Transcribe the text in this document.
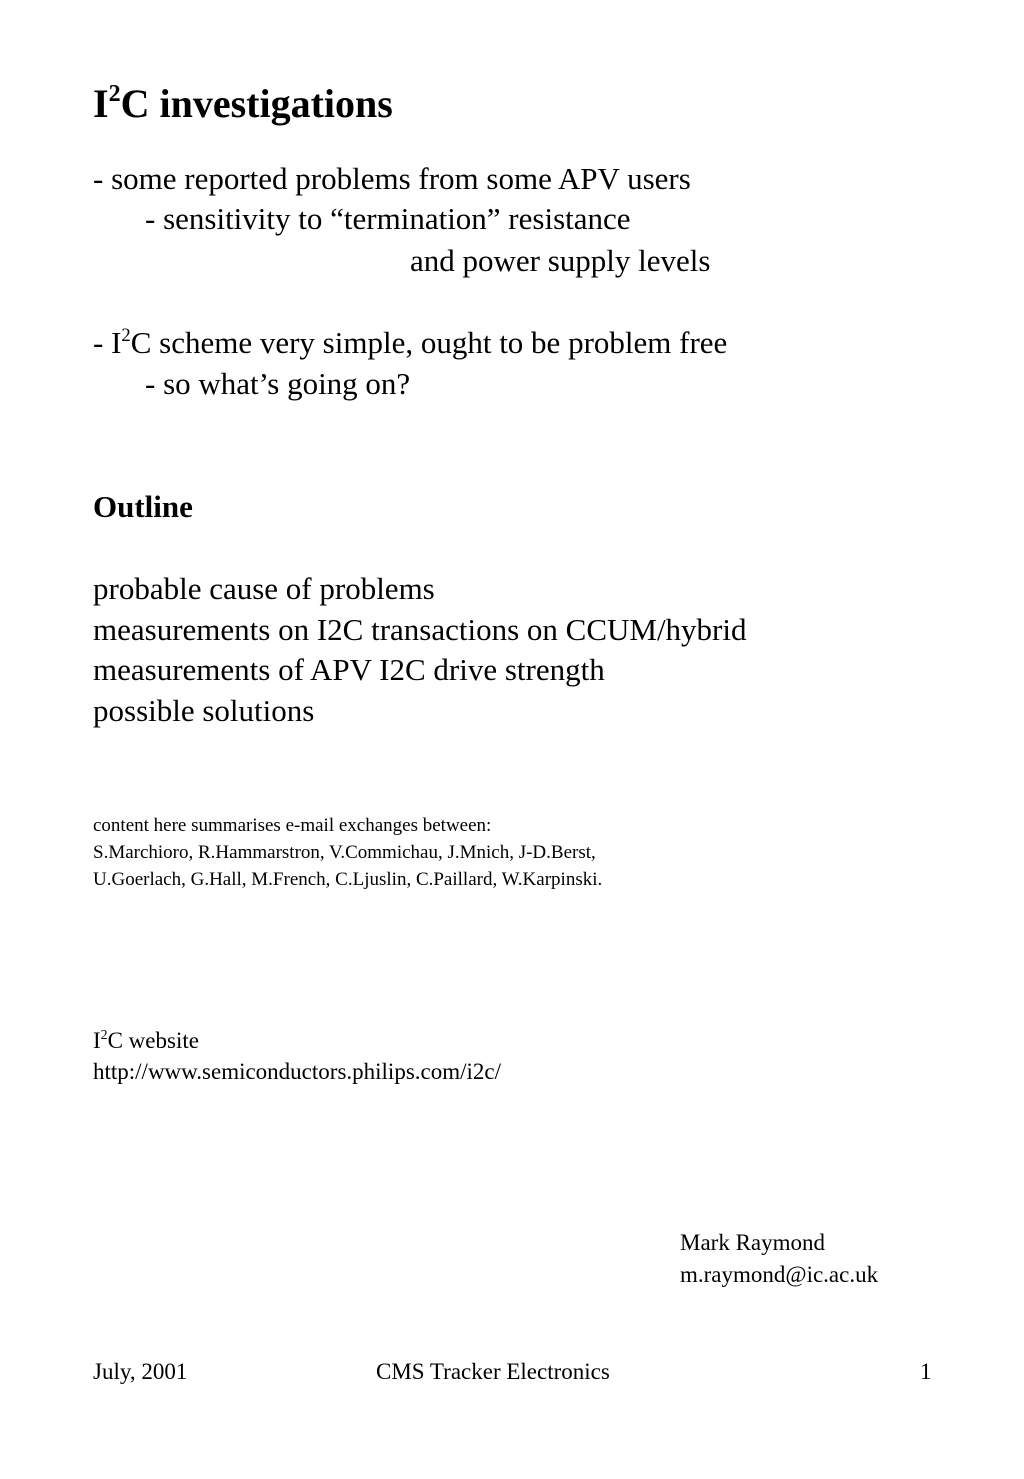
$I^2C$ investigations
- some reported problems from some APV users
- sensitivity to “termination” resistance
and power supply levels
- $I^2C$ scheme very simple, ought to be problem free
- so what’s going on?
Outline
probable cause of problems
measurements on I2C transactions on CCUM/hybrid
measurements of APV I2C drive strength
possible solutions
content here summarises e-mail exchanges between:
S.Marchioro, R.Hammarstron, V.Commichau, J.Mnich, J-D.Berst,
U.Goerlach, G.Hall, M.French, C.Ljuslin, C.Paillard, W.Karpinski.
$I^2C$ website
http://www.semiconductors.philips.com/i2c/
Mark Raymond
m.raymond@ic.ac.uk
July, 2001	CMS Tracker Electronics	1
